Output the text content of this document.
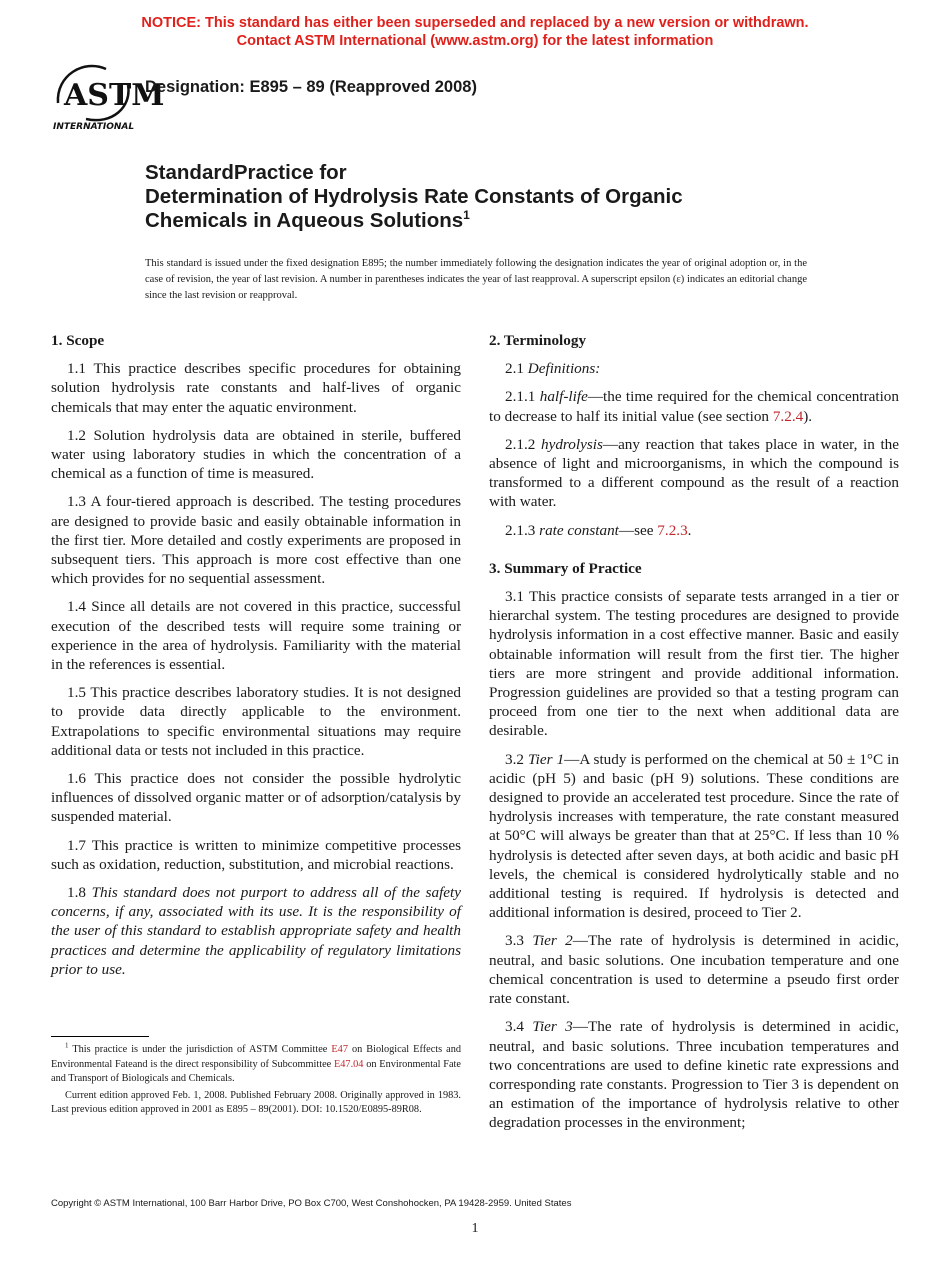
NOTICE: This standard has either been superseded and replaced by a new version or withdrawn.
Contact ASTM International (www.astm.org) for the latest information
ASTM
INTERNATIONAL
Designation: E895 – 89 (Reapproved 2008)
StandardPractice for
Determination of Hydrolysis Rate Constants of Organic
Chemicals in Aqueous Solutions$^1$
This standard is issued under the fixed designation E895; the number immediately following the designation indicates the year of original adoption or, in the case of revision, the year of last revision. A number in parentheses indicates the year of last reapproval. A superscript epsilon (ε) indicates an editorial change since the last revision or reapproval.
1. Scope

1.1 This practice describes specific procedures for obtaining solution hydrolysis rate constants and half-lives of organic chemicals that may enter the aquatic environment.

1.2 Solution hydrolysis data are obtained in sterile, buffered water using laboratory studies in which the concentration of a chemical as a function of time is measured.

1.3 A four-tiered approach is described. The testing procedures are designed to provide basic and easily obtainable information in the first tier. More detailed and costly experiments are proposed in subsequent tiers. This approach is more cost effective than one which provides for no sequential assessment.

1.4 Since all details are not covered in this practice, successful execution of the described tests will require some training or experience in the area of hydrolysis. Familiarity with the material in the references is essential.

1.5 This practice describes laboratory studies. It is not designed to provide data directly applicable to the environment. Extrapolations to specific environmental situations may require additional data or tests not included in this practice.

1.6 This practice does not consider the possible hydrolytic influences of dissolved organic matter or of adsorption/catalysis by suspended material.

1.7 This practice is written to minimize competitive processes such as oxidation, reduction, substitution, and microbial reactions.

1.8 This standard does not purport to address all of the safety concerns, if any, associated with its use. It is the responsibility of the user of this standard to establish appropriate safety and health practices and determine the applicability of regulatory limitations prior to use.

$^1$ This practice is under the jurisdiction of ASTM Committee E47 on Biological Effects and Environmental Fateand is the direct responsibility of Subcommittee E47.04 on Environmental Fate and Transport of Biologicals and Chemicals.

Current edition approved Feb. 1, 2008. Published February 2008. Originally approved in 1983. Last previous edition approved in 2001 as E895 – 89(2001). DOI: 10.1520/E0895-89R08.

2. Terminology

2.1 Definitions:

2.1.1 half-life—the time required for the chemical concentration to decrease to half its initial value (see section 7.2.4).

2.1.2 hydrolysis—any reaction that takes place in water, in the absence of light and microorganisms, in which the compound is transformed to a different compound as the result of a reaction with water.

2.1.3 rate constant—see 7.2.3.

3. Summary of Practice

3.1 This practice consists of separate tests arranged in a tier or hierarchal system. The testing procedures are designed to provide hydrolysis information in a cost effective manner. Basic and easily obtainable information will result from the first tier. The higher tiers are more stringent and provide additional information. Progression guidelines are provided so that a testing program can proceed from one tier to the next when additional data are desirable.

3.2 Tier 1—A study is performed on the chemical at 50 ± 1°C in acidic (pH 5) and basic (pH 9) solutions. These conditions are designed to provide an accelerated test procedure. Since the rate of hydrolysis increases with temperature, the rate constant measured at 50°C will always be greater than that at 25°C. If less than 10 % hydrolysis is detected after seven days, at both acidic and basic pH levels, the chemical is considered hydrolytically stable and no additional testing is required. If hydrolysis is detected and additional information is desired, proceed to Tier 2.

3.3 Tier 2—The rate of hydrolysis is determined in acidic, neutral, and basic solutions. One incubation temperature and one chemical concentration is used to determine a pseudo first order rate constant.

3.4 Tier 3—The rate of hydrolysis is determined in acidic, neutral, and basic solutions. Three incubation temperatures and two concentrations are used to define kinetic rate expressions and corresponding rate constants. Progression to Tier 3 is dependent on an estimation of the importance of hydrolysis relative to other degradation processes in the environment;

Copyright © ASTM International, 100 Barr Harbor Drive, PO Box C700, West Conshohocken, PA 19428-2959. United States
1
